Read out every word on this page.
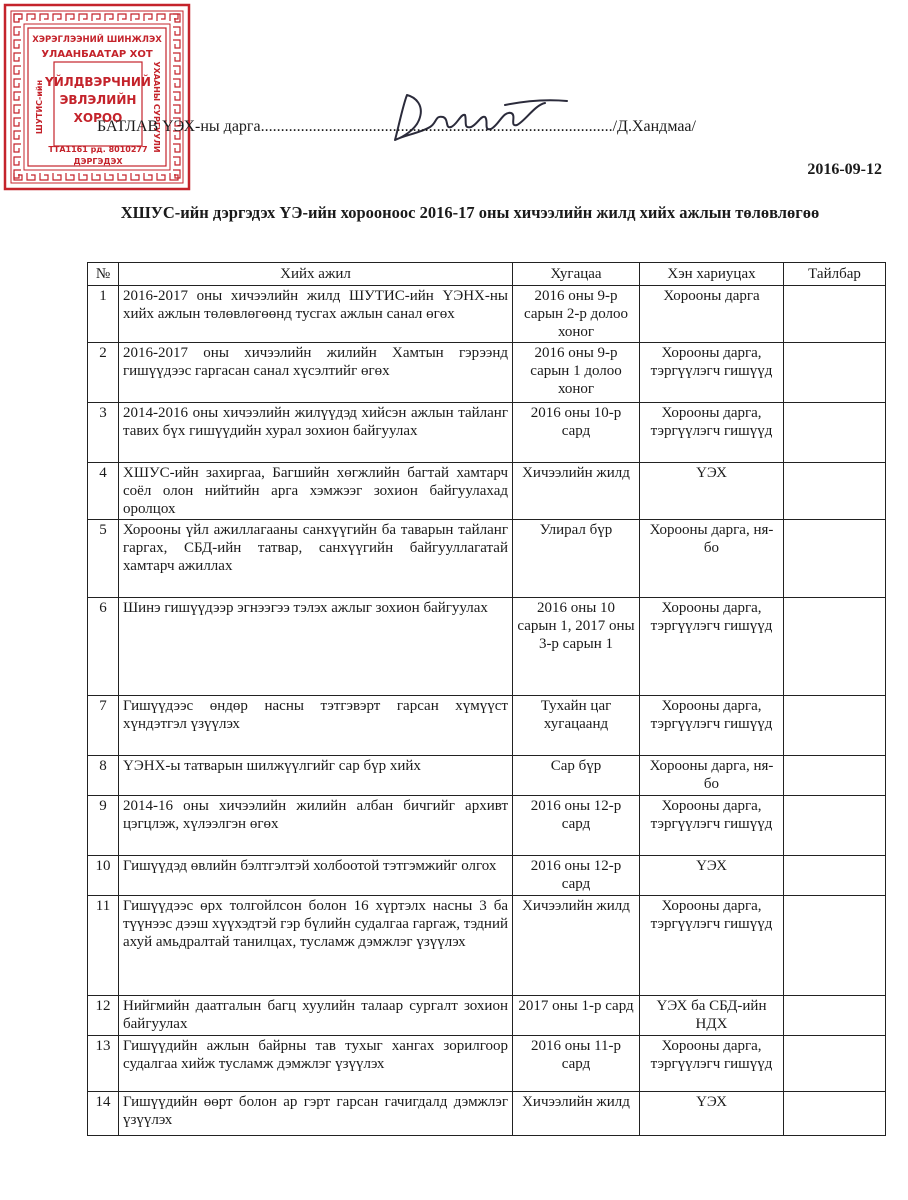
ХЭРЭГЛЭЭНИЙ ШИНЖЛЭХ
УЛААНБААТАР ХОТ
ҮЙЛДВЭРЧНИЙ
ЭВЛЭЛИЙН
ХОРОО
ТТА1161 рд. 8010277
ДЭРГЭДЭХ
ШУТИС-ийн	УХААНЫ СУРГУУЛИ
БАТЛАВ ҮЭХ-ны дарга......................................................................................../Д.Хандмаа/
2016-09-12
ХШУС-ийн дэргэдэх ҮЭ-ийн хорооноос 2016-17 оны хичээлийн жилд хийх ажлын төлөвлөгөө
№	Хийх ажил	Хугацаа	Хэн хариуцах	Тайлбар
1	2016-2017 оны хичээлийн жилд ШУТИС-ийн ҮЭНХ-ны хийх ажлын төлөвлөгөөнд тусгах ажлын санал өгөх	2016 оны 9-р сарын 2-р долоо хоног	Хорооны дарга	
2	2016-2017 оны хичээлийн жилийн Хамтын гэрээнд гишүүдээс гаргасан санал хүсэлтийг өгөх	2016 оны 9-р сарын 1 долоо хоног	Хорооны дарга, тэргүүлэгч гишүүд	
3	2014-2016 оны хичээлийн жилүүдэд хийсэн ажлын тайланг тавих бүх гишүүдийн хурал зохион байгуулах	2016 оны 10-р сард	Хорооны дарга, тэргүүлэгч гишүүд	
4	ХШУС-ийн захиргаа, Багшийн хөгжлийн багтай хамтарч соёл олон нийтийн арга хэмжээг зохион байгуулахад оролцох	Хичээлийн жилд	ҮЭХ	
5	Хорооны үйл ажиллагааны санхүүгийн ба таварын тайланг гаргах, СБД-ийн татвар, санхүүгийн байгууллагатай хамтарч ажиллах	Улирал бүр	Хорооны дарга, ня-бо	
6	Шинэ гишүүдээр эгнээгээ тэлэх ажлыг зохион байгуулах	2016 оны 10 сарын 1, 2017 оны 3-р сарын 1	Хорооны дарга, тэргүүлэгч гишүүд	
7	Гишүүдээс өндөр насны тэтгэвэрт гарсан хүмүүст хүндэтгэл үзүүлэх	Тухайн цаг хугацаанд	Хорооны дарга, тэргүүлэгч гишүүд	
8	ҮЭНХ-ы татварын шилжүүлгийг сар бүр хийх	Сар бүр	Хорооны дарга, ня-бо	
9	2014-16 оны хичээлийн жилийн албан бичгийг архивт цэгцлэж, хүлээлгэн өгөх	2016 оны 12-р сард	Хорооны дарга, тэргүүлэгч гишүүд	
10	Гишүүдэд өвлийн бэлтгэлтэй холбоотой тэтгэмжийг олгох	2016 оны 12-р сард	ҮЭХ	
11	Гишүүдээс өрх толгойлсон болон 16 хүртэлх насны 3 ба түүнээс дээш хүүхэдтэй гэр бүлийн судалгаа гаргаж, тэдний ахуй амьдралтай танилцах, тусламж дэмжлэг үзүүлэх	Хичээлийн жилд	Хорооны дарга, тэргүүлэгч гишүүд	
12	Нийгмийн даатгалын багц хуулийн талаар сургалт зохион байгуулах	2017 оны 1-р сард	ҮЭХ ба СБД-ийн НДХ	
13	Гишүүдийн ажлын байрны тав тухыг хангах зорилгоор судалгаа хийж тусламж дэмжлэг үзүүлэх	2016 оны 11-р сард	Хорооны дарга, тэргүүлэгч гишүүд	
14	Гишүүдийн өөрт болон ар гэрт гарсан гачигдалд дэмжлэг үзүүлэх	Хичээлийн жилд	ҮЭХ	
